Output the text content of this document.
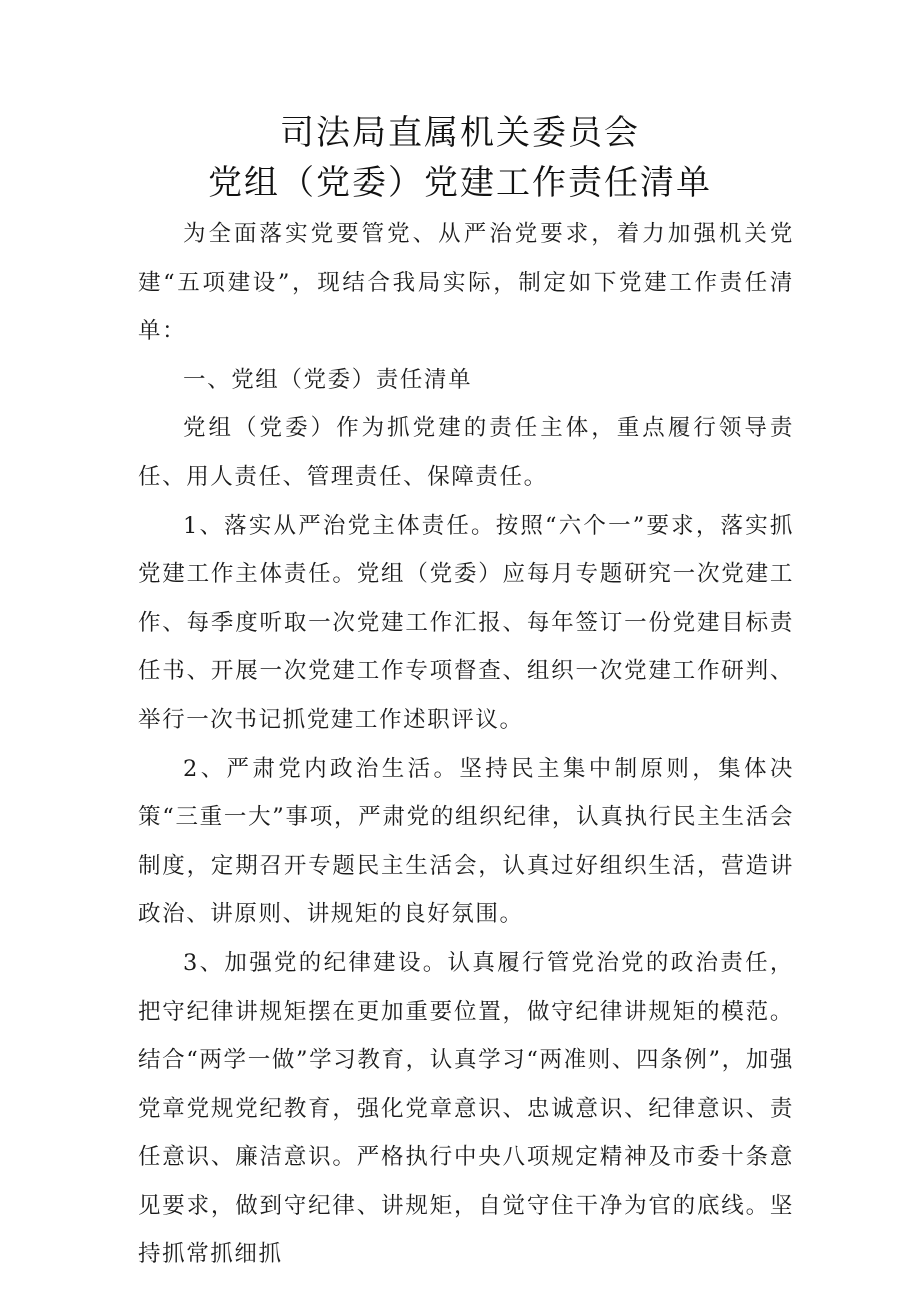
司法局直属机关委员会
党组（党委）党建工作责任清单

为全面落实党要管党、从严治党要求，着力加强机关党建“五项建设”，现结合我局实际，制定如下党建工作责任清单：

一、党组（党委）责任清单

党组（党委）作为抓党建的责任主体，重点履行领导责任、用人责任、管理责任、保障责任。

1、落实从严治党主体责任。按照“六个一”要求，落实抓党建工作主体责任。党组（党委）应每月专题研究一次党建工作、每季度听取一次党建工作汇报、每年签订一份党建目标责任书、开展一次党建工作专项督查、组织一次党建工作研判、举行一次书记抓党建工作述职评议。

2、严肃党内政治生活。坚持民主集中制原则，集体决策“三重一大”事项，严肃党的组织纪律，认真执行民主生活会制度，定期召开专题民主生活会，认真过好组织生活，营造讲政治、讲原则、讲规矩的良好氛围。

3、加强党的纪律建设。认真履行管党治党的政治责任，把守纪律讲规矩摆在更加重要位置，做守纪律讲规矩的模范。结合“两学一做”学习教育，认真学习“两准则、四条例”，加强党章党规党纪教育，强化党章意识、忠诚意识、纪律意识、责任意识、廉洁意识。严格执行中央八项规定精神及市委十条意见要求，做到守纪律、讲规矩，自觉守住干净为官的底线。坚持抓常抓细抓
